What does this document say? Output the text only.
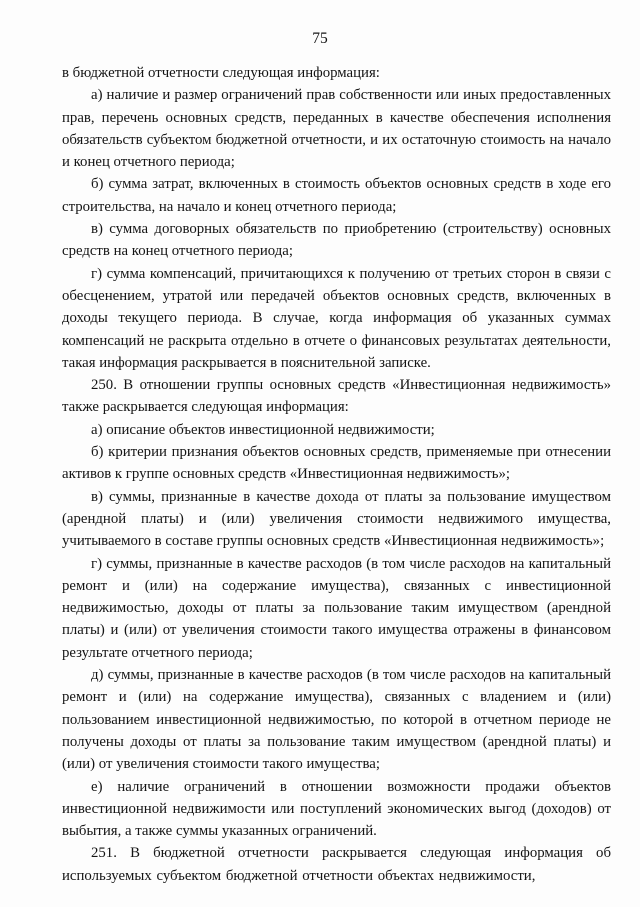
75

в бюджетной отчетности следующая информация:

а) наличие и размер ограничений прав собственности или иных предоставленных прав, перечень основных средств, переданных в качестве обеспечения исполнения обязательств субъектом бюджетной отчетности, и их остаточную стоимость на начало и конец отчетного периода;

б) сумма затрат, включенных в стоимость объектов основных средств в ходе его строительства, на начало и конец отчетного периода;

в) сумма договорных обязательств по приобретению (строительству) основных средств на конец отчетного периода;

г) сумма компенсаций, причитающихся к получению от третьих сторон в связи с обесценением, утратой или передачей объектов основных средств, включенных в доходы текущего периода. В случае, когда информация об указанных суммах компенсаций не раскрыта отдельно в отчете о финансовых результатах деятельности, такая информация раскрывается в пояснительной записке.

250. В отношении группы основных средств «Инвестиционная недвижимость» также раскрывается следующая информация:

а) описание объектов инвестиционной недвижимости;

б) критерии признания объектов основных средств, применяемые при отнесении активов к группе основных средств «Инвестиционная недвижимость»;

в) суммы, признанные в качестве дохода от платы за пользование имуществом (арендной платы) и (или) увеличения стоимости недвижимого имущества, учитываемого в составе группы основных средств «Инвестиционная недвижимость»;

г) суммы, признанные в качестве расходов (в том числе расходов на капитальный ремонт и (или) на содержание имущества), связанных с инвестиционной недвижимостью, доходы от платы за пользование таким имуществом (арендной платы) и (или) от увеличения стоимости такого имущества отражены в финансовом результате отчетного периода;

д) суммы, признанные в качестве расходов (в том числе расходов на капитальный ремонт и (или) на содержание имущества), связанных с владением и (или) пользованием инвестиционной недвижимостью, по которой в отчетном периоде не получены доходы от платы за пользование таким имуществом (арендной платы) и (или) от увеличения стоимости такого имущества;

е) наличие ограничений в отношении возможности продажи объектов инвестиционной недвижимости или поступлений экономических выгод (доходов) от выбытия, а также суммы указанных ограничений.

251. В бюджетной отчетности раскрывается следующая информация об используемых субъектом бюджетной отчетности объектах недвижимости,
